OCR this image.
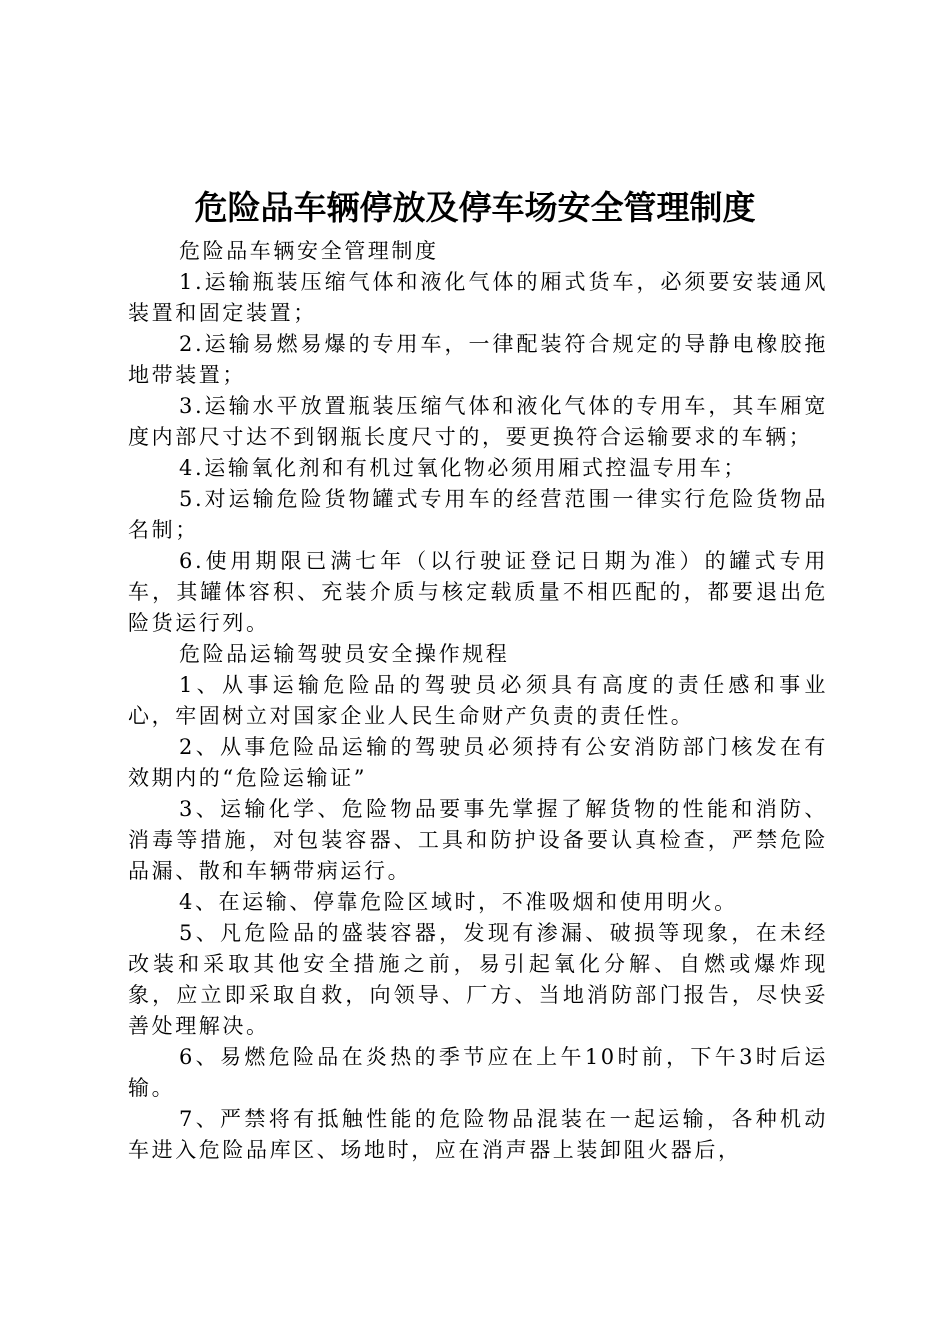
危险品车辆停放及停车场安全管理制度

危险品车辆安全管理制度

1.运输瓶装压缩气体和液化气体的厢式货车，必须要安装通风装置和固定装置；

2.运输易燃易爆的专用车，一律配装符合规定的导静电橡胶拖地带装置；

3.运输水平放置瓶装压缩气体和液化气体的专用车，其车厢宽度内部尺寸达不到钢瓶长度尺寸的，要更换符合运输要求的车辆；

4.运输氧化剂和有机过氧化物必须用厢式控温专用车；

5.对运输危险货物罐式专用车的经营范围一律实行危险货物品名制；

6.使用期限已满七年（以行驶证登记日期为准）的罐式专用车，其罐体容积、充装介质与核定载质量不相匹配的，都要退出危险货运行列。

危险品运输驾驶员安全操作规程

1、从事运输危险品的驾驶员必须具有高度的责任感和事业心，牢固树立对国家企业人民生命财产负责的责任性。

2、从事危险品运输的驾驶员必须持有公安消防部门核发在有效期内的“危险运输证”

3、运输化学、危险物品要事先掌握了解货物的性能和消防、消毒等措施，对包装容器、工具和防护设备要认真检查，严禁危险品漏、散和车辆带病运行。

4、在运输、停靠危险区域时，不准吸烟和使用明火。

5、凡危险品的盛装容器，发现有渗漏、破损等现象，在未经改装和采取其他安全措施之前，易引起氧化分解、自燃或爆炸现象，应立即采取自救，向领导、厂方、当地消防部门报告，尽快妥善处理解决。

6、易燃危险品在炎热的季节应在上午10时前，下午3时后运输。

7、严禁将有抵触性能的危险物品混装在一起运输，各种机动车进入危险品库区、场地时，应在消声器上装卸阻火器后，
